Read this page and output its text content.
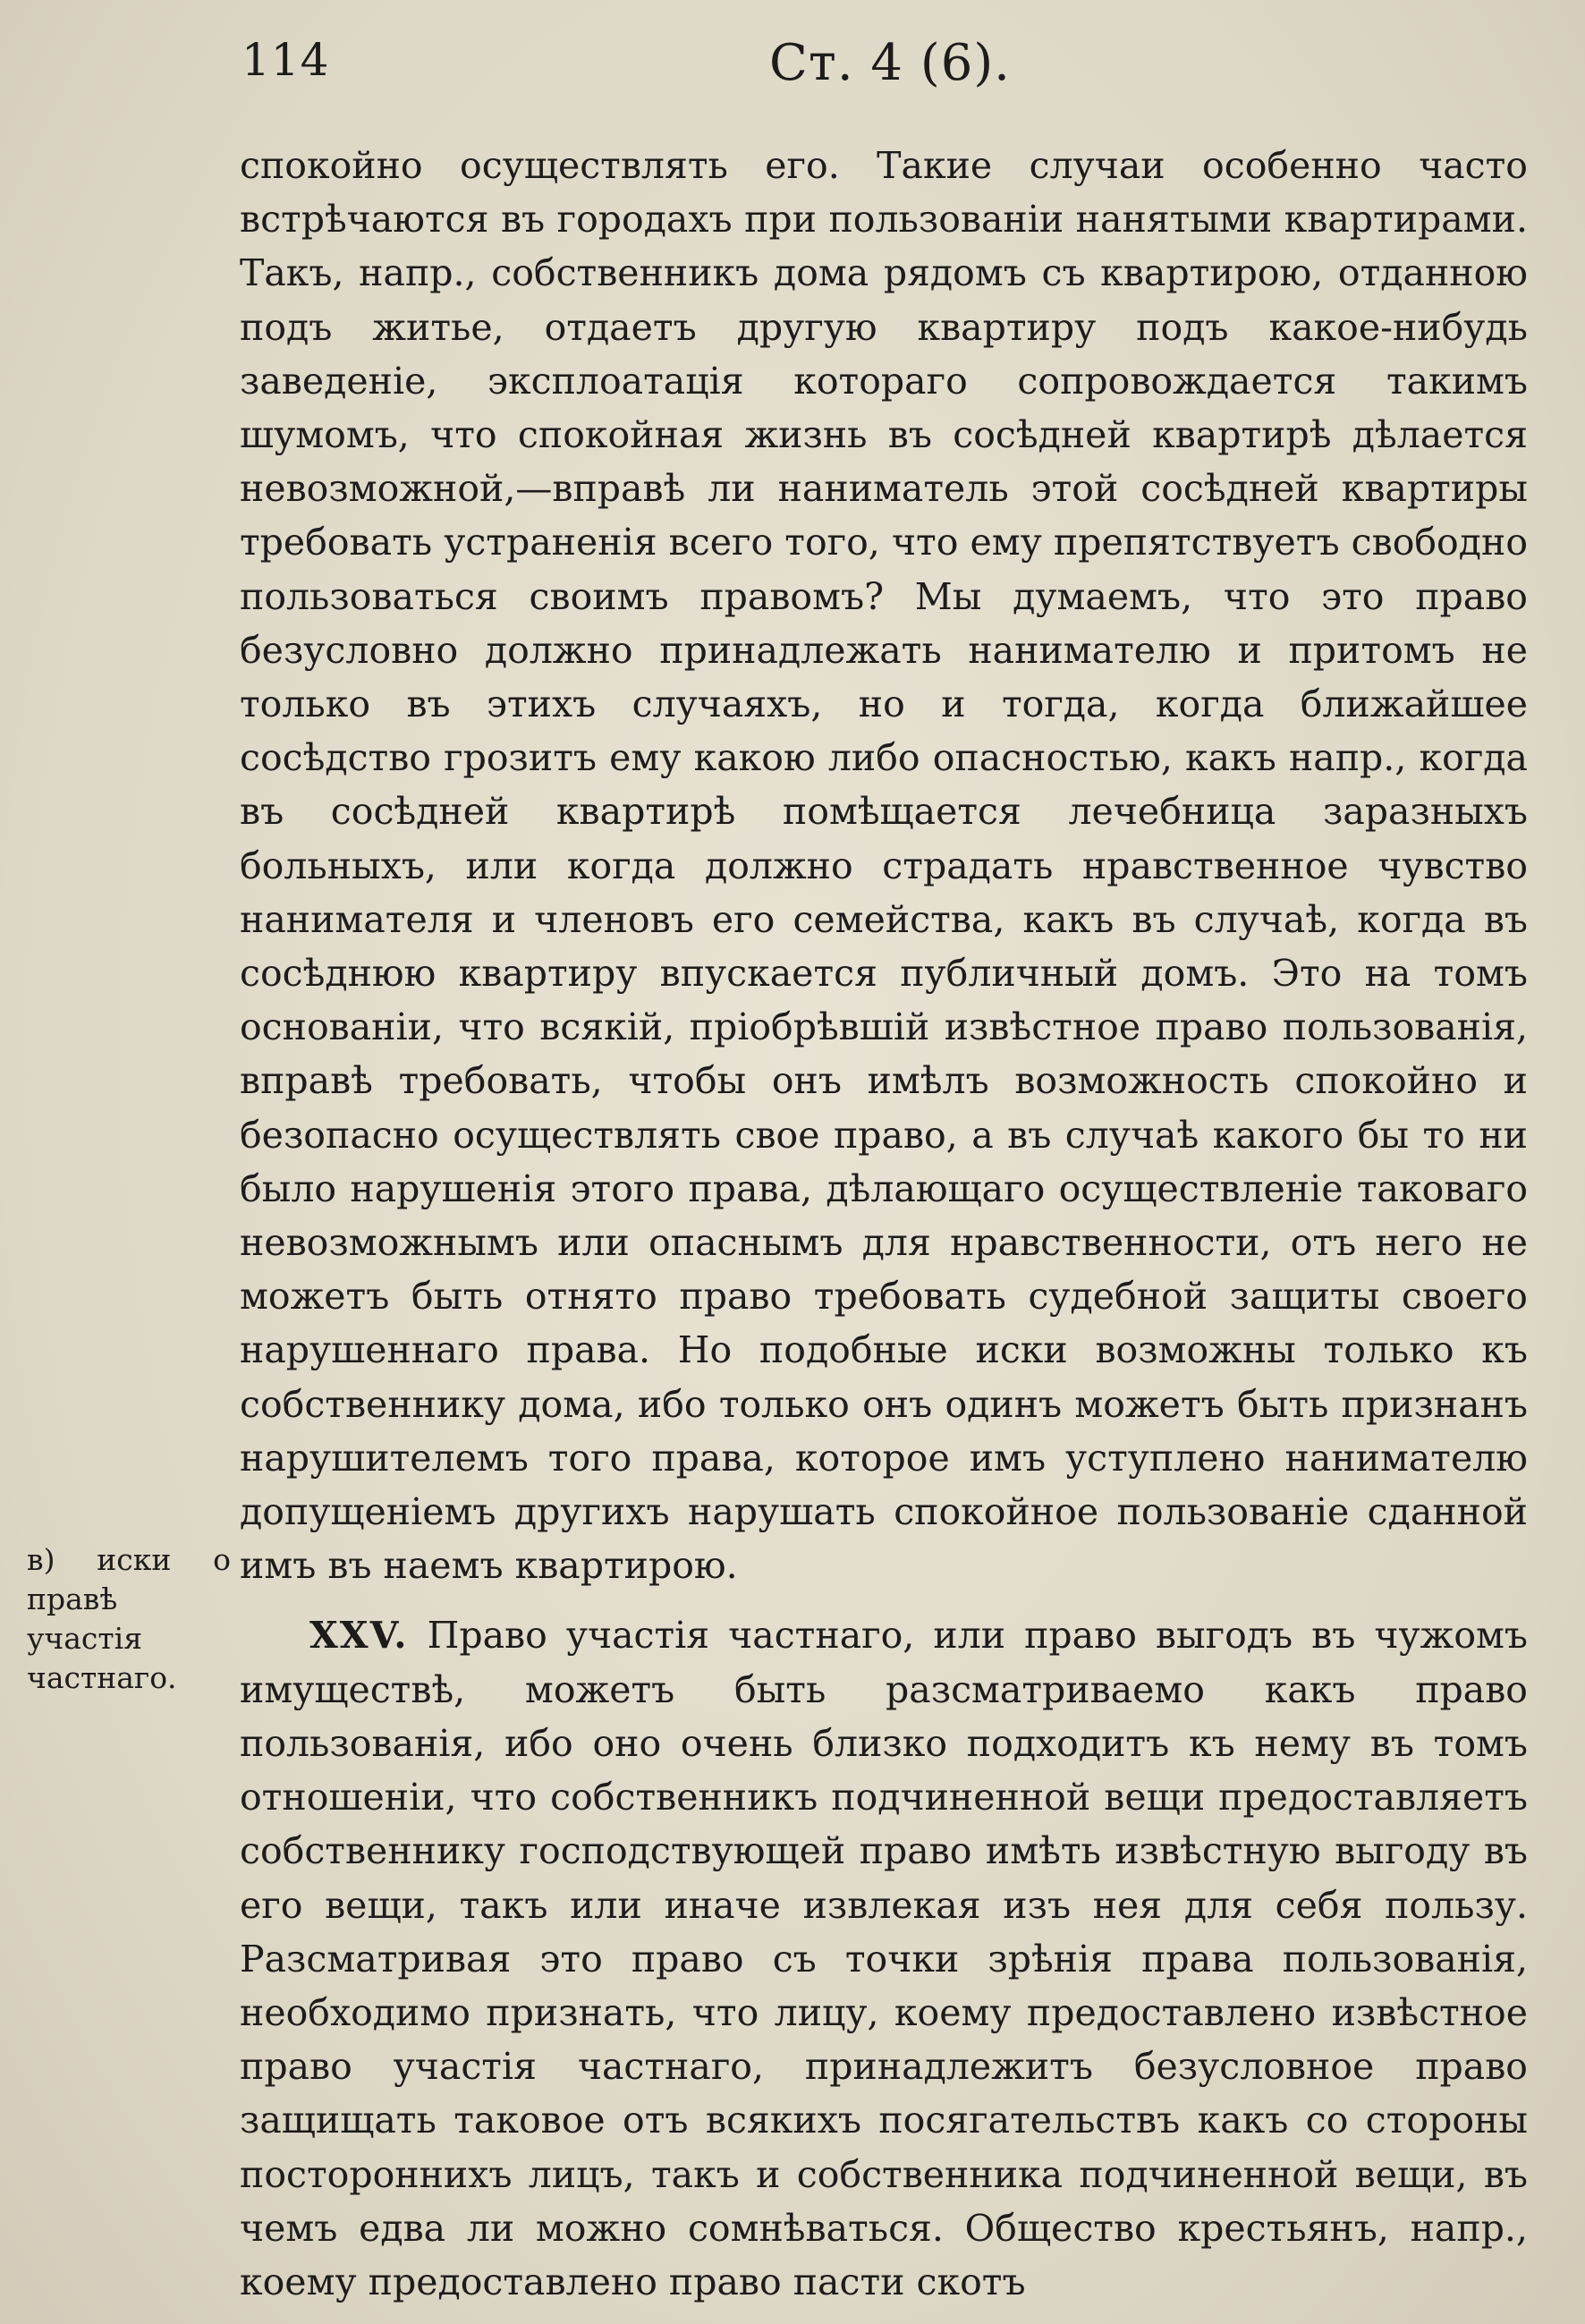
114	Ст. 4 (6).
в) иски о правѣ участія частнаго.

спокойно осуществлять его. Такие случаи особенно часто встрѣчаются въ городахъ при пользованіи нанятыми квартирами. Такъ, напр., собственникъ дома рядомъ съ квартирою, отданною подъ житье, отдаетъ другую квартиру подъ какое-нибудь заведеніе, эксплоатація котораго сопровождается такимъ шумомъ, что спокойная жизнь въ сосѣдней квартирѣ дѣлается невозможной,—вправѣ ли наниматель этой сосѣдней квартиры требовать устраненія всего того, что ему препятствуетъ свободно пользоваться своимъ правомъ? Мы думаемъ, что это право безусловно должно принадлежать нанимателю и притомъ не только въ этихъ случаяхъ, но и тогда, когда ближайшее сосѣдство грозитъ ему какою либо опасностью, какъ напр., когда въ сосѣдней квартирѣ помѣщается лечебница заразныхъ больныхъ, или когда должно страдать нравственное чувство нанимателя и членовъ его семейства, какъ въ случаѣ, когда въ сосѣднюю квартиру впускается публичный домъ. Это на томъ основаніи, что всякій, пріобрѣвшій извѣстное право пользованія, вправѣ требовать, чтобы онъ имѣлъ возможность спокойно и безопасно осуществлять свое право, а въ случаѣ какого бы то ни было нарушенія этого права, дѣлающаго осуществленіе таковаго невозможнымъ или опаснымъ для нравственности, отъ него не можетъ быть отнято право требовать судебной защиты своего нарушеннаго права. Но подобные иски возможны только къ собственнику дома, ибо только онъ одинъ можетъ быть признанъ нарушителемъ того права, которое имъ уступлено нанимателю допущеніемъ другихъ нарушать спокойное пользованіе сданной имъ въ наемъ квартирою.

XXV. Право участія частнаго, или право выгодъ въ чужомъ имуществѣ, можетъ быть разсматриваемо какъ право пользованія, ибо оно очень близко подходитъ къ нему въ томъ отношеніи, что собственникъ подчиненной вещи предоставляетъ собственнику господствующей право имѣть извѣстную выгоду въ его вещи, такъ или иначе извлекая изъ нея для себя пользу. Разсматривая это право съ точки зрѣнія права пользованія, необходимо признать, что лицу, коему предоставлено извѣстное право участія частнаго, принадлежитъ безусловное право защищать таковое отъ всякихъ посягательствъ какъ со стороны постороннихъ лицъ, такъ и собственника подчиненной вещи, въ чемъ едва ли можно сомнѣваться. Общество крестьянъ, напр., коему предоставлено право пасти скотъ
